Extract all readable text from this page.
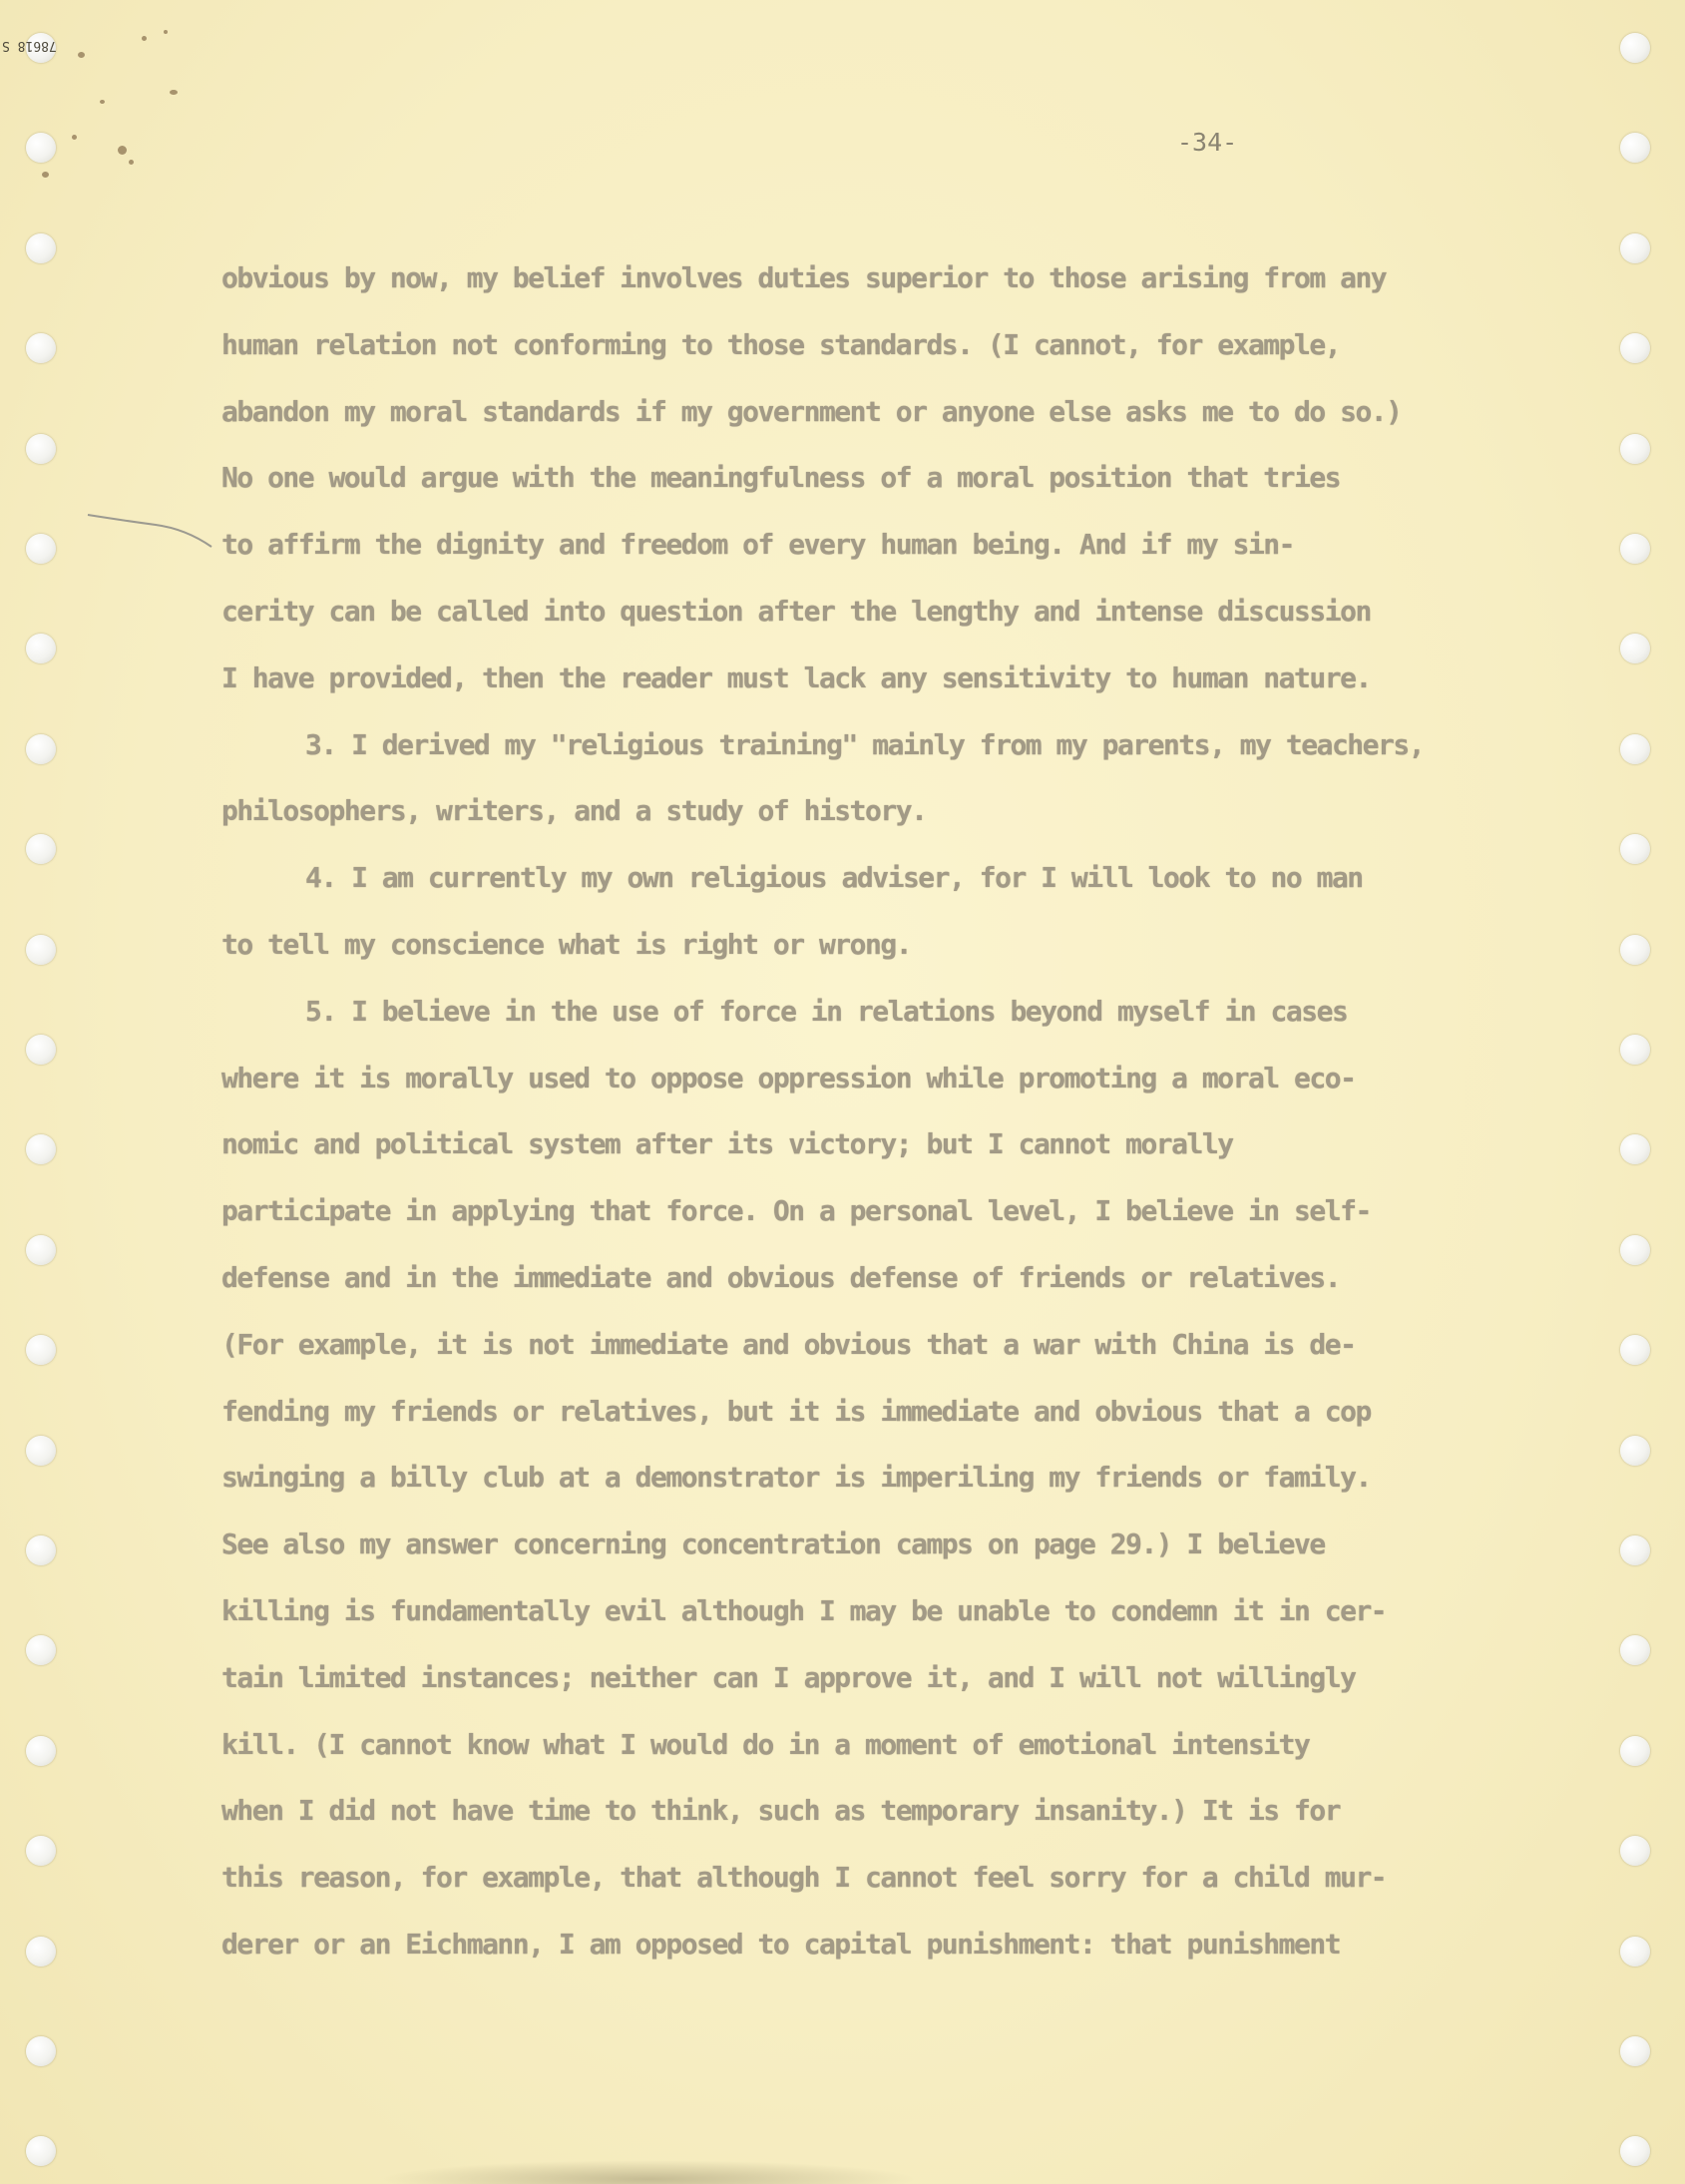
78618 S
-34-

obvious by now, my belief involves duties superior to those arising from any

human relation not conforming to those standards. (I cannot, for example,

abandon my moral standards if my government or anyone else asks me to do so.)

No one would argue with the meaningfulness of a moral position that tries

to affirm the dignity and freedom of every human being. And if my sin-

cerity can be called into question after the lengthy and intense discussion

I have provided, then the reader must lack any sensitivity to human nature.

3. I derived my "religious training" mainly from my parents, my teachers,

philosophers, writers, and a study of history.

4. I am currently my own religious adviser, for I will look to no man

to tell my conscience what is right or wrong.

5. I believe in the use of force in relations beyond myself in cases

where it is morally used to oppose oppression while promoting a moral eco-

nomic and political system after its victory; but I cannot morally

participate in applying that force. On a personal level, I believe in self-

defense and in the immediate and obvious defense of friends or relatives.

(For example, it is not immediate and obvious that a war with China is de-

fending my friends or relatives, but it is immediate and obvious that a cop

swinging a billy club at a demonstrator is imperiling my friends or family.

See also my answer concerning concentration camps on page 29.) I believe

killing is fundamentally evil although I may be unable to condemn it in cer-

tain limited instances; neither can I approve it, and I will not willingly

kill. (I cannot know what I would do in a moment of emotional intensity

when I did not have time to think, such as temporary insanity.) It is for

this reason, for example, that although I cannot feel sorry for a child mur-

derer or an Eichmann, I am opposed to capital punishment: that punishment
